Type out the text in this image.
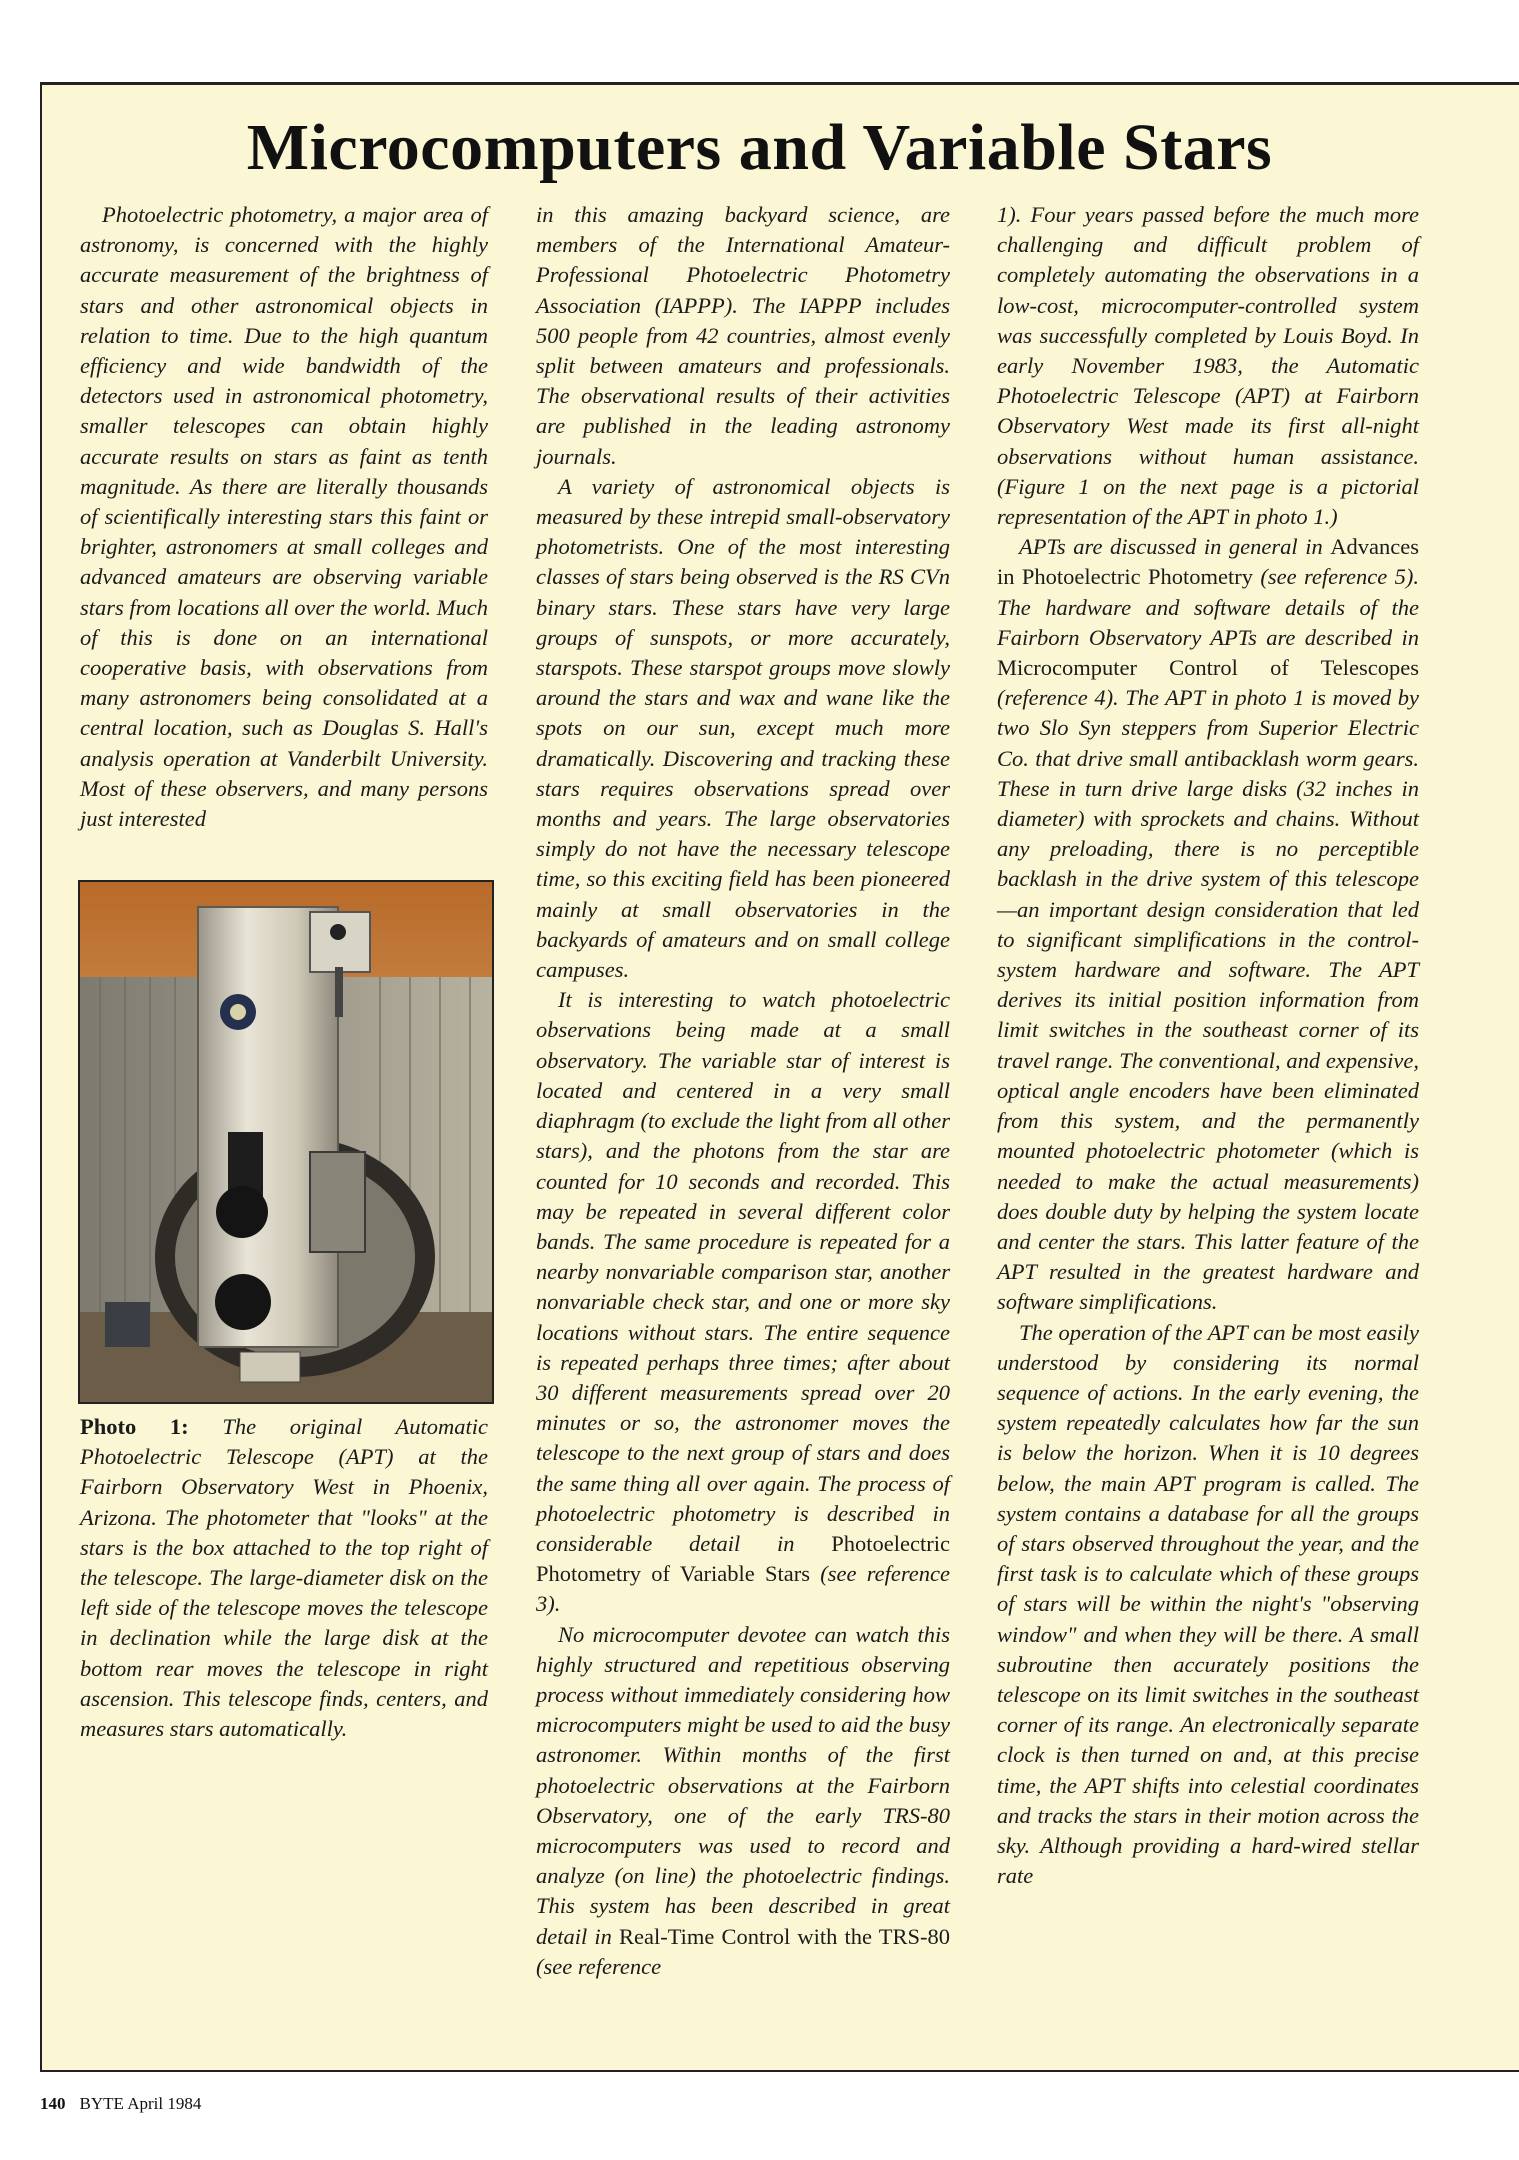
Microcomputers and Variable Stars

Photoelectric photometry, a major area of astronomy, is concerned with the highly accurate measurement of the brightness of stars and other astronomical objects in relation to time. Due to the high quantum efficiency and wide bandwidth of the detectors used in astronomical photometry, smaller telescopes can obtain highly accurate results on stars as faint as tenth magnitude. As there are literally thousands of scientifically interesting stars this faint or brighter, astronomers at small colleges and advanced amateurs are observing variable stars from locations all over the world. Much of this is done on an international cooperative basis, with observations from many astronomers being consolidated at a central location, such as Douglas S. Hall's analysis operation at Vanderbilt University. Most of these observers, and many persons just interested

Photo 1: The original Automatic Photoelectric Telescope (APT) at the Fairborn Observatory West in Phoenix, Arizona. The photometer that "looks" at the stars is the box attached to the top right of the telescope. The large-diameter disk on the left side of the telescope moves the telescope in declination while the large disk at the bottom rear moves the telescope in right ascension. This telescope finds, centers, and measures stars automatically.

in this amazing backyard science, are members of the International Amateur-Professional Photoelectric Photometry Association (IAPPP). The IAPPP includes 500 people from 42 countries, almost evenly split between amateurs and professionals. The observational results of their activities are published in the leading astronomy journals.

A variety of astronomical objects is measured by these intrepid small-observatory photometrists. One of the most interesting classes of stars being observed is the RS CVn binary stars. These stars have very large groups of sunspots, or more accurately, starspots. These starspot groups move slowly around the stars and wax and wane like the spots on our sun, except much more dramatically. Discovering and tracking these stars requires observations spread over months and years. The large observatories simply do not have the necessary telescope time, so this exciting field has been pioneered mainly at small observatories in the backyards of amateurs and on small college campuses.

It is interesting to watch photoelectric observations being made at a small observatory. The variable star of interest is located and centered in a very small diaphragm (to exclude the light from all other stars), and the photons from the star are counted for 10 seconds and recorded. This may be repeated in several different color bands. The same procedure is repeated for a nearby nonvariable comparison star, another nonvariable check star, and one or more sky locations without stars. The entire sequence is repeated perhaps three times; after about 30 different measurements spread over 20 minutes or so, the astronomer moves the telescope to the next group of stars and does the same thing all over again. The process of photoelectric photometry is described in considerable detail in Photoelectric Photometry of Variable Stars (see reference 3).

No microcomputer devotee can watch this highly structured and repetitious observing process without immediately considering how microcomputers might be used to aid the busy astronomer. Within months of the first photoelectric observations at the Fairborn Observatory, one of the early TRS-80 microcomputers was used to record and analyze (on line) the photoelectric findings. This system has been described in great detail in Real-Time Control with the TRS-80 (see reference

1). Four years passed before the much more challenging and difficult problem of completely automating the observations in a low-cost, microcomputer-controlled system was successfully completed by Louis Boyd. In early November 1983, the Automatic Photoelectric Telescope (APT) at Fairborn Observatory West made its first all-night observations without human assistance. (Figure 1 on the next page is a pictorial representation of the APT in photo 1.)

APTs are discussed in general in Advances in Photoelectric Photometry (see reference 5). The hardware and software details of the Fairborn Observatory APTs are described in Microcomputer Control of Telescopes (reference 4). The APT in photo 1 is moved by two Slo Syn steppers from Superior Electric Co. that drive small antibacklash worm gears. These in turn drive large disks (32 inches in diameter) with sprockets and chains. Without any preloading, there is no perceptible backlash in the drive system of this telescope—an important design consideration that led to significant simplifications in the control-system hardware and software. The APT derives its initial position information from limit switches in the southeast corner of its travel range. The conventional, and expensive, optical angle encoders have been eliminated from this system, and the permanently mounted photoelectric photometer (which is needed to make the actual measurements) does double duty by helping the system locate and center the stars. This latter feature of the APT resulted in the greatest hardware and software simplifications.

The operation of the APT can be most easily understood by considering its normal sequence of actions. In the early evening, the system repeatedly calculates how far the sun is below the horizon. When it is 10 degrees below, the main APT program is called. The system contains a database for all the groups of stars observed throughout the year, and the first task is to calculate which of these groups of stars will be within the night's "observing window" and when they will be there. A small subroutine then accurately positions the telescope on its limit switches in the southeast corner of its range. An electronically separate clock is then turned on and, at this precise time, the APT shifts into celestial coordinates and tracks the stars in their motion across the sky. Although providing a hard-wired stellar rate

140 BYTE April 1984
